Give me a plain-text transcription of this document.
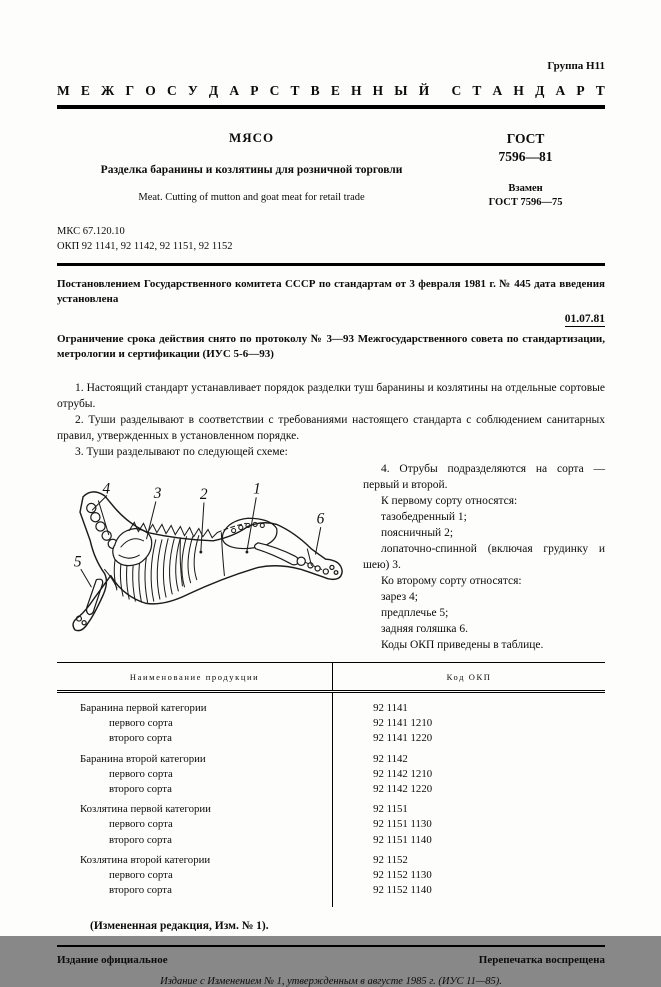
Группа Н11
М Е Ж Г О С У Д А Р С Т В Е Н Н Ы Й С Т А Н Д А Р Т
МЯСО
Разделка баранины и козлятины для розничной торговли
Meat. Cutting of mutton and goat meat for retail trade
ГОСТ
7596—81
Взамен
ГОСТ 7596—75
МКС 67.120.10
ОКП 92 1141, 92 1142, 92 1151, 92 1152

Постановлением Государственного комитета СССР по стандартам от 3 февраля 1981 г. № 445 дата введения установлена

01.07.81

Ограничение срока действия снято по протоколу № 3—93 Межгосударственного совета по стандартизации, метрологии и сертификации (ИУС 5-6—93)

1. Настоящий стандарт устанавливает порядок разделки туш баранины и козлятины на отдельные сортовые отрубы.

2. Туши разделывают в соответствии с требованиями настоящего стандарта с соблюдением санитарных правил, утвержденных в установленном порядке.

3. Туши разделывают по следующей схеме:

4	3	2	1
6
5

4. Отрубы подразделяются на сорта — первый и второй.

К первому сорту относятся:

тазобедренный 1;

поясничный 2;

лопаточно-спинной (включая грудинку и шею) 3.

Ко второму сорту относятся:

зарез 4;

предплечье 5;

задняя голяшка 6.

Коды ОКП приведены в таблице.

Наименование продукции	Код ОКП
Баранина первой категории	92 1141
первого сорта	92 1141 1210
второго сорта	92 1141 1220
Баранина второй категории	92 1142
первого сорта	92 1142 1210
второго сорта	92 1142 1220
Козлятина первой категории	92 1151
первого сорта	92 1151 1130
второго сорта	92 1151 1140
Козлятина второй категории	92 1152
первого сорта	92 1152 1130
второго сорта	92 1152 1140

(Измененная редакция, Изм. № 1).

Издание официальное	Перепечатка воспрещена
Издание с Изменением № 1, утвержденным в августе 1985 г. (ИУС 11—85).
